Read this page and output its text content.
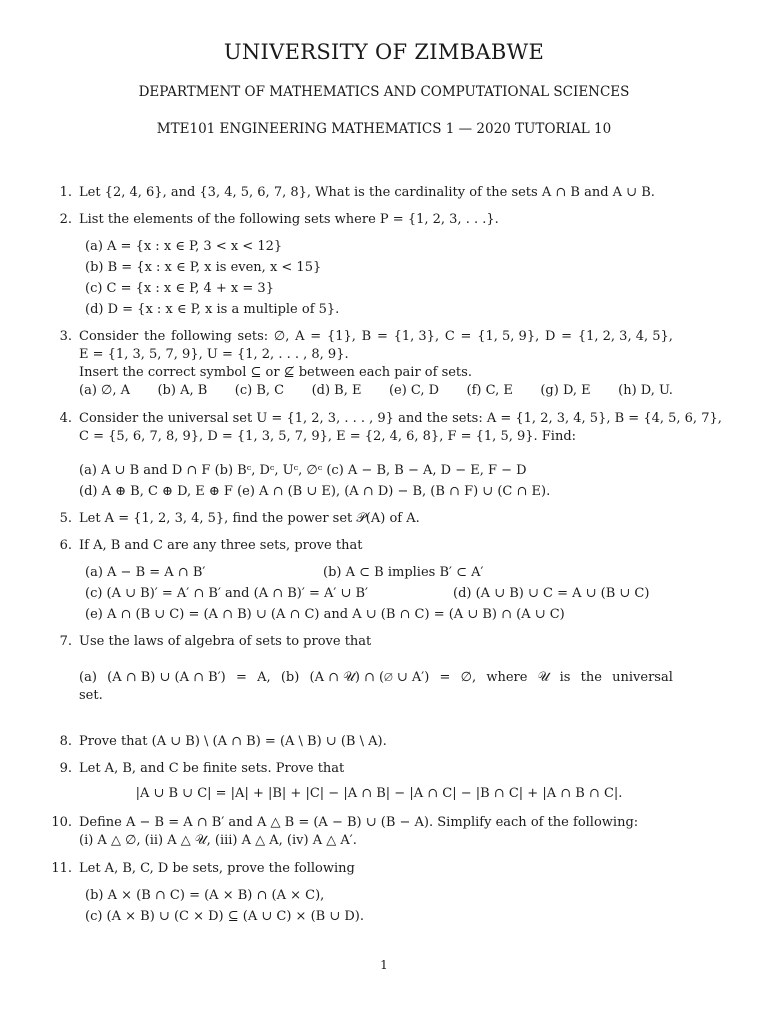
UNIVERSITY OF ZIMBABWE
DEPARTMENT OF MATHEMATICS AND COMPUTATIONAL SCIENCES
MTE101 ENGINEERING MATHEMATICS 1 — 2020 TUTORIAL 10
1. Let {2, 4, 6}, and {3, 4, 5, 6, 7, 8}, What is the cardinality of the sets A ∩ B and A ∪ B.
2. List the elements of the following sets where P = {1, 2, 3, . . .}.
(a) A = {x : x ∈ P, 3 < x < 12}
(b) B = {x : x ∈ P, x is even, x < 15}
(c) C = {x : x ∈ P, 4 + x = 3}
(d) D = {x : x ∈ P, x is a multiple of 5}.
3. Consider the following sets: ∅, A = {1}, B = {1, 3}, C = {1, 5, 9}, D = {1, 2, 3, 4, 5},
E = {1, 3, 5, 7, 9}, U = {1, 2, . . . , 8, 9}.
Insert the correct symbol ⊆ or ⊈ between each pair of sets.
(a) ∅, A (b) A, B (c) B, C (d) B, E (e) C, D (f) C, E (g) D, E (h) D, U.
4. Consider the universal set U = {1, 2, 3, . . . , 9} and the sets: A = {1, 2, 3, 4, 5}, B = {4, 5, 6, 7},
C = {5, 6, 7, 8, 9}, D = {1, 3, 5, 7, 9}, E = {2, 4, 6, 8}, F = {1, 5, 9}. Find:
(a) A ∪ B and D ∩ F (b) Bᶜ, Dᶜ, Uᶜ, ∅ᶜ (c) A − B, B − A, D − E, F − D
(d) A ⊕ B, C ⊕ D, E ⊕ F (e) A ∩ (B ∪ E), (A ∩ D) − B, (B ∩ F) ∪ (C ∩ E).
5. Let A = {1, 2, 3, 4, 5}, find the power set 𝒫(A) of A.
6. If A, B and C are any three sets, prove that
(a) A − B = A ∩ B′	(b) A ⊂ B implies B′ ⊂ A′
(c) (A ∪ B)′ = A′ ∩ B′ and (A ∩ B)′ = A′ ∪ B′	(d) (A ∪ B) ∪ C = A ∪ (B ∪ C)
(e) A ∩ (B ∪ C) = (A ∩ B) ∪ (A ∩ C) and A ∪ (B ∩ C) = (A ∪ B) ∩ (A ∪ C)
7. Use the laws of algebra of sets to prove that
(a) (A ∩ B) ∪ (A ∩ B′) = A, (b) (A ∩ 𝒰) ∩ (∅ ∪ A′) = ∅, where 𝒰 is the universal
set.
8. Prove that (A ∪ B) \ (A ∩ B) = (A \ B) ∪ (B \ A).
9. Let A, B, and C be finite sets. Prove that
|A ∪ B ∪ C| = |A| + |B| + |C| − |A ∩ B| − |A ∩ C| − |B ∩ C| + |A ∩ B ∩ C|.
10. Define A − B = A ∩ B′ and A △ B = (A − B) ∪ (B − A). Simplify each of the following:
(i) A △ ∅, (ii) A △ 𝒰, (iii) A △ A, (iv) A △ A′.
11. Let A, B, C, D be sets, prove the following
(b) A × (B ∩ C) = (A × B) ∩ (A × C),
(c) (A × B) ∪ (C × D) ⊆ (A ∪ C) × (B ∪ D).
1
